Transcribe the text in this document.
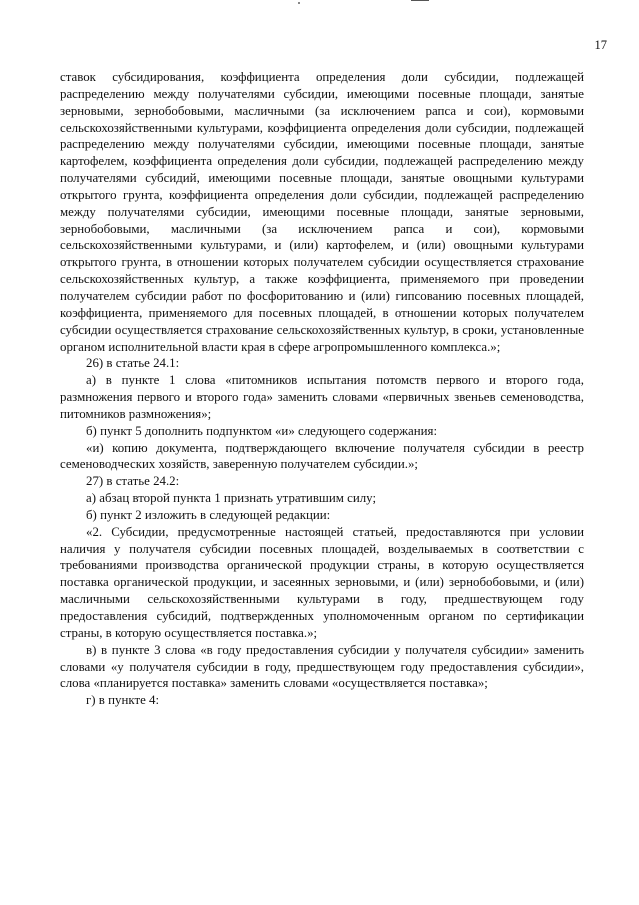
17

ставок субсидирования, коэффициента определения доли субсидии, подлежащей распределению между получателями субсидии, имеющими посевные площади, занятые зерновыми, зернобобовыми, масличными (за исключением рапса и сои), кормовыми сельскохозяйственными культурами, коэффициента определения доли субсидии, подлежащей распределению между получателями субсидии, имеющими посевные площади, занятые картофелем, коэффициента определения доли субсидии, подлежащей распределению между получателями субсидий, имеющими посевные площади, занятые овощными культурами открытого грунта, коэффициента определения доли субсидии, подлежащей распределению между получателями субсидии, имеющими посевные площади, занятые зерновыми, зернобобовыми, масличными (за исключением рапса и сои), кормовыми сельскохозяйственными культурами, и (или) картофелем, и (или) овощными культурами открытого грунта, в отношении которых получателем субсидии осуществляется страхование сельскохозяйственных культур, а также коэффициента, применяемого при проведении получателем субсидии работ по фосфоритованию и (или) гипсованию посевных площадей, коэффициента, применяемого для посевных площадей, в отношении которых получателем субсидии осуществляется страхование сельскохозяйственных культур, в сроки, установленные органом исполнительной власти края в сфере агропромышленного комплекса.»;

26) в статье 24.1:

а) в пункте 1 слова «питомников испытания потомств первого и второго года, размножения первого и второго года» заменить словами «первичных звеньев семеноводства, питомников размножения»;

б) пункт 5 дополнить подпунктом «и» следующего содержания:

«и) копию документа, подтверждающего включение получателя субсидии в реестр семеноводческих хозяйств, заверенную получателем субсидии.»;

27) в статье 24.2:

а) абзац второй пункта 1 признать утратившим силу;

б) пункт 2 изложить в следующей редакции:

«2. Субсидии, предусмотренные настоящей статьей, предоставляются при условии наличия у получателя субсидии посевных площадей, возделываемых в соответствии с требованиями производства органической продукции страны, в которую осуществляется поставка органической продукции, и засеянных зерновыми, и (или) зернобобовыми, и (или) масличными сельскохозяйственными культурами в году, предшествующем году предоставления субсидий, подтвержденных уполномоченным органом по сертификации страны, в которую осуществляется поставка.»;

в) в пункте 3 слова «в году предоставления субсидии у получателя субсидии» заменить словами «у получателя субсидии в году, предшествующем году предоставления субсидии», слова «планируется поставка» заменить словами «осуществляется поставка»;

г) в пункте 4:
